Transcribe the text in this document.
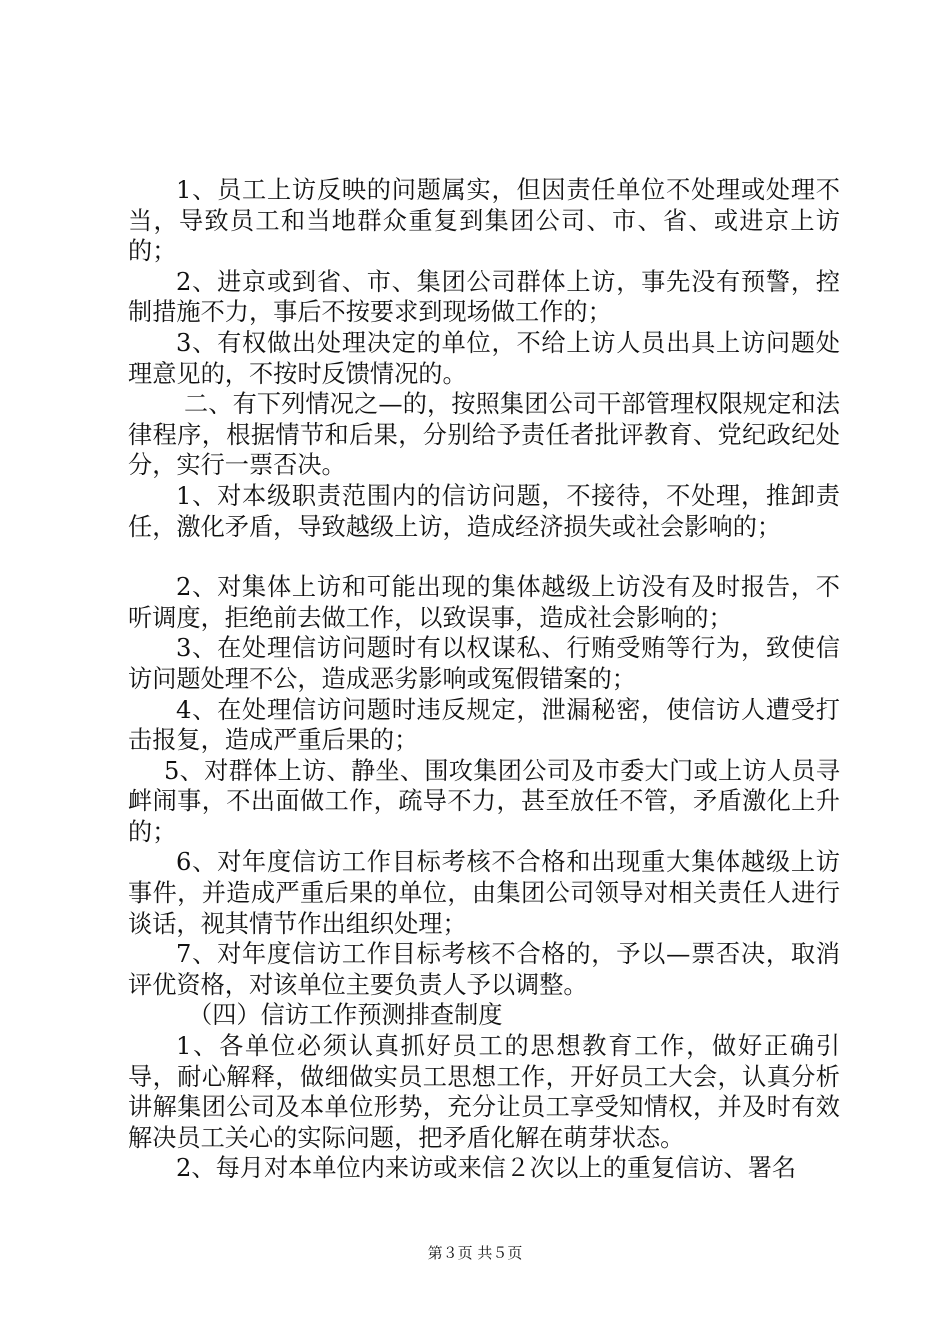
1、员工上访反映的问题属实，但因责任单位不处理或处理不当，导致员工和当地群众重复到集团公司、市、省、或进京上访的；

2、进京或到省、市、集团公司群体上访，事先没有预警，控制措施不力，事后不按要求到现场做工作的；

3、有权做出处理决定的单位，不给上访人员出具上访问题处理意见的，不按时反馈情况的。

二、有下列情况之—的，按照集团公司干部管理权限规定和法律程序，根据情节和后果，分别给予责任者批评教育、党纪政纪处分，实行一票否决。

1、对本级职责范围内的信访问题，不接待，不处理，推卸责任，激化矛盾，导致越级上访，造成经济损失或社会影响的；

2、对集体上访和可能出现的集体越级上访没有及时报告，不听调度，拒绝前去做工作，以致误事，造成社会影响的；

3、在处理信访问题时有以权谋私、行贿受贿等行为，致使信访问题处理不公，造成恶劣影响或冤假错案的；

4、在处理信访问题时违反规定，泄漏秘密，使信访人遭受打击报复，造成严重后果的；

5、对群体上访、静坐、围攻集团公司及市委大门或上访人员寻衅闹事，不出面做工作，疏导不力，甚至放任不管，矛盾激化上升的；

6、对年度信访工作目标考核不合格和出现重大集体越级上访事件，并造成严重后果的单位，由集团公司领导对相关责任人进行谈话，视其情节作出组织处理；

7、对年度信访工作目标考核不合格的，予以—票否决，取消评优资格，对该单位主要负责人予以调整。

（四）信访工作预测排查制度

1、各单位必须认真抓好员工的思想教育工作，做好正确引导，耐心解释，做细做实员工思想工作，开好员工大会，认真分析讲解集团公司及本单位形势，充分让员工享受知情权，并及时有效解决员工关心的实际问题，把矛盾化解在萌芽状态。

2、每月对本单位内来访或来信２次以上的重复信访、署名

第３页 共５页
